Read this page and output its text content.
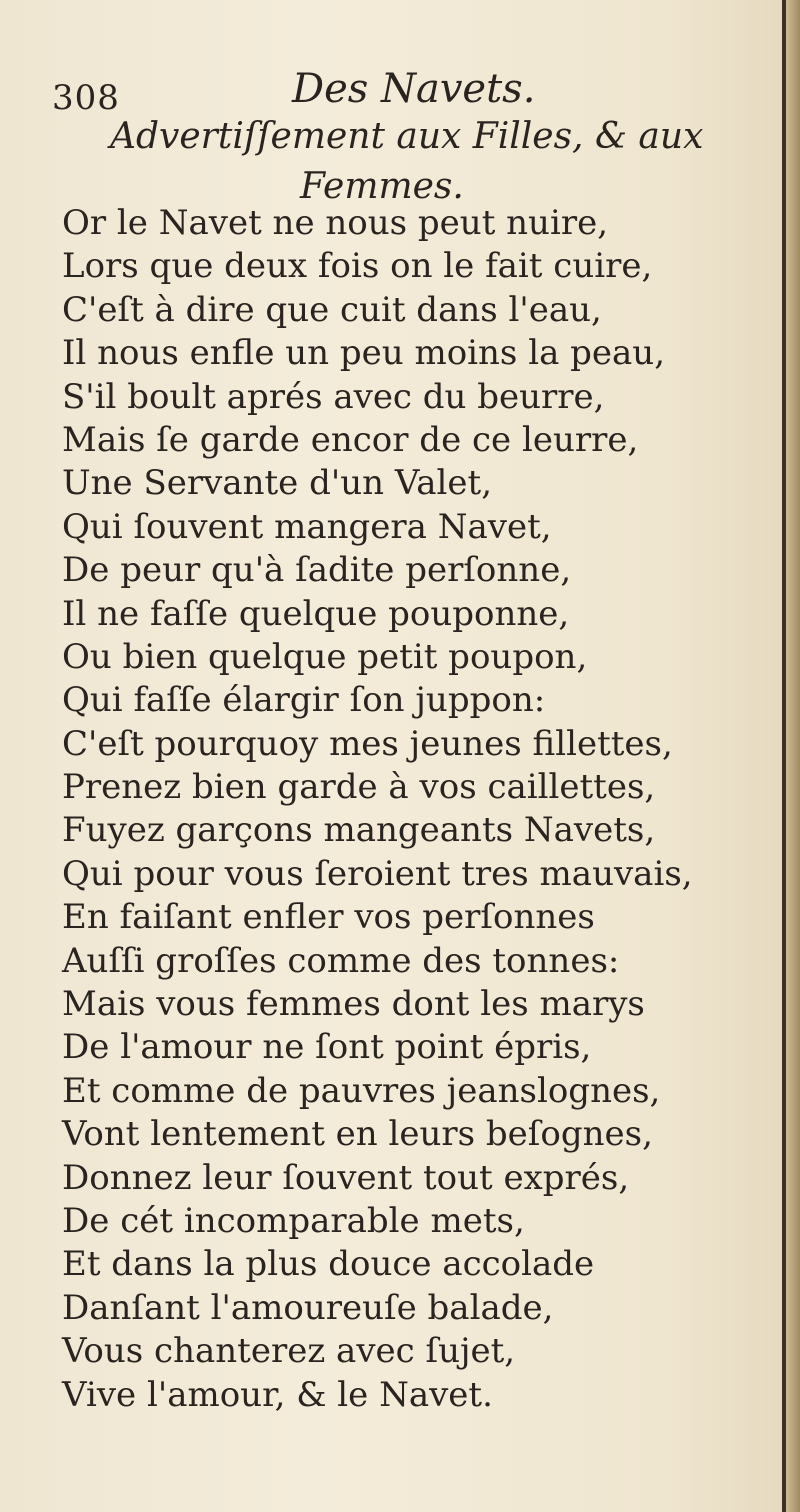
308	Des Navets.
Advertiſſement aux Filles, & aux
Femmes.
Or le Navet ne nous peut nuire,
Lors que deux fois on le fait cuire,
C'eſt à dire que cuit dans l'eau,
Il nous enfle un peu moins la peau,
S'il boult aprés avec du beurre,
Mais ſe garde encor de ce leurre,
Une Servante d'un Valet,
Qui ſouvent mangera Navet,
De peur qu'à ſadite perſonne,
Il ne faſſe quelque pouponne,
Ou bien quelque petit poupon,
Qui faſſe élargir ſon juppon:
C'eſt pourquoy mes jeunes fillettes,
Prenez bien garde à vos caillettes,
Fuyez garçons mangeants Navets,
Qui pour vous ſeroient tres mauvais,
En faiſant enfler vos perſonnes
Auſſi groſſes comme des tonnes:
Mais vous femmes dont les marys
De l'amour ne ſont point épris,
Et comme de pauvres jeanslognes,
Vont lentement en leurs beſognes,
Donnez leur ſouvent tout exprés,
De cét incomparable mets,
Et dans la plus douce accolade
Danſant l'amoureuſe balade,
Vous chanterez avec ſujet,
Vive l'amour, & le Navet.
